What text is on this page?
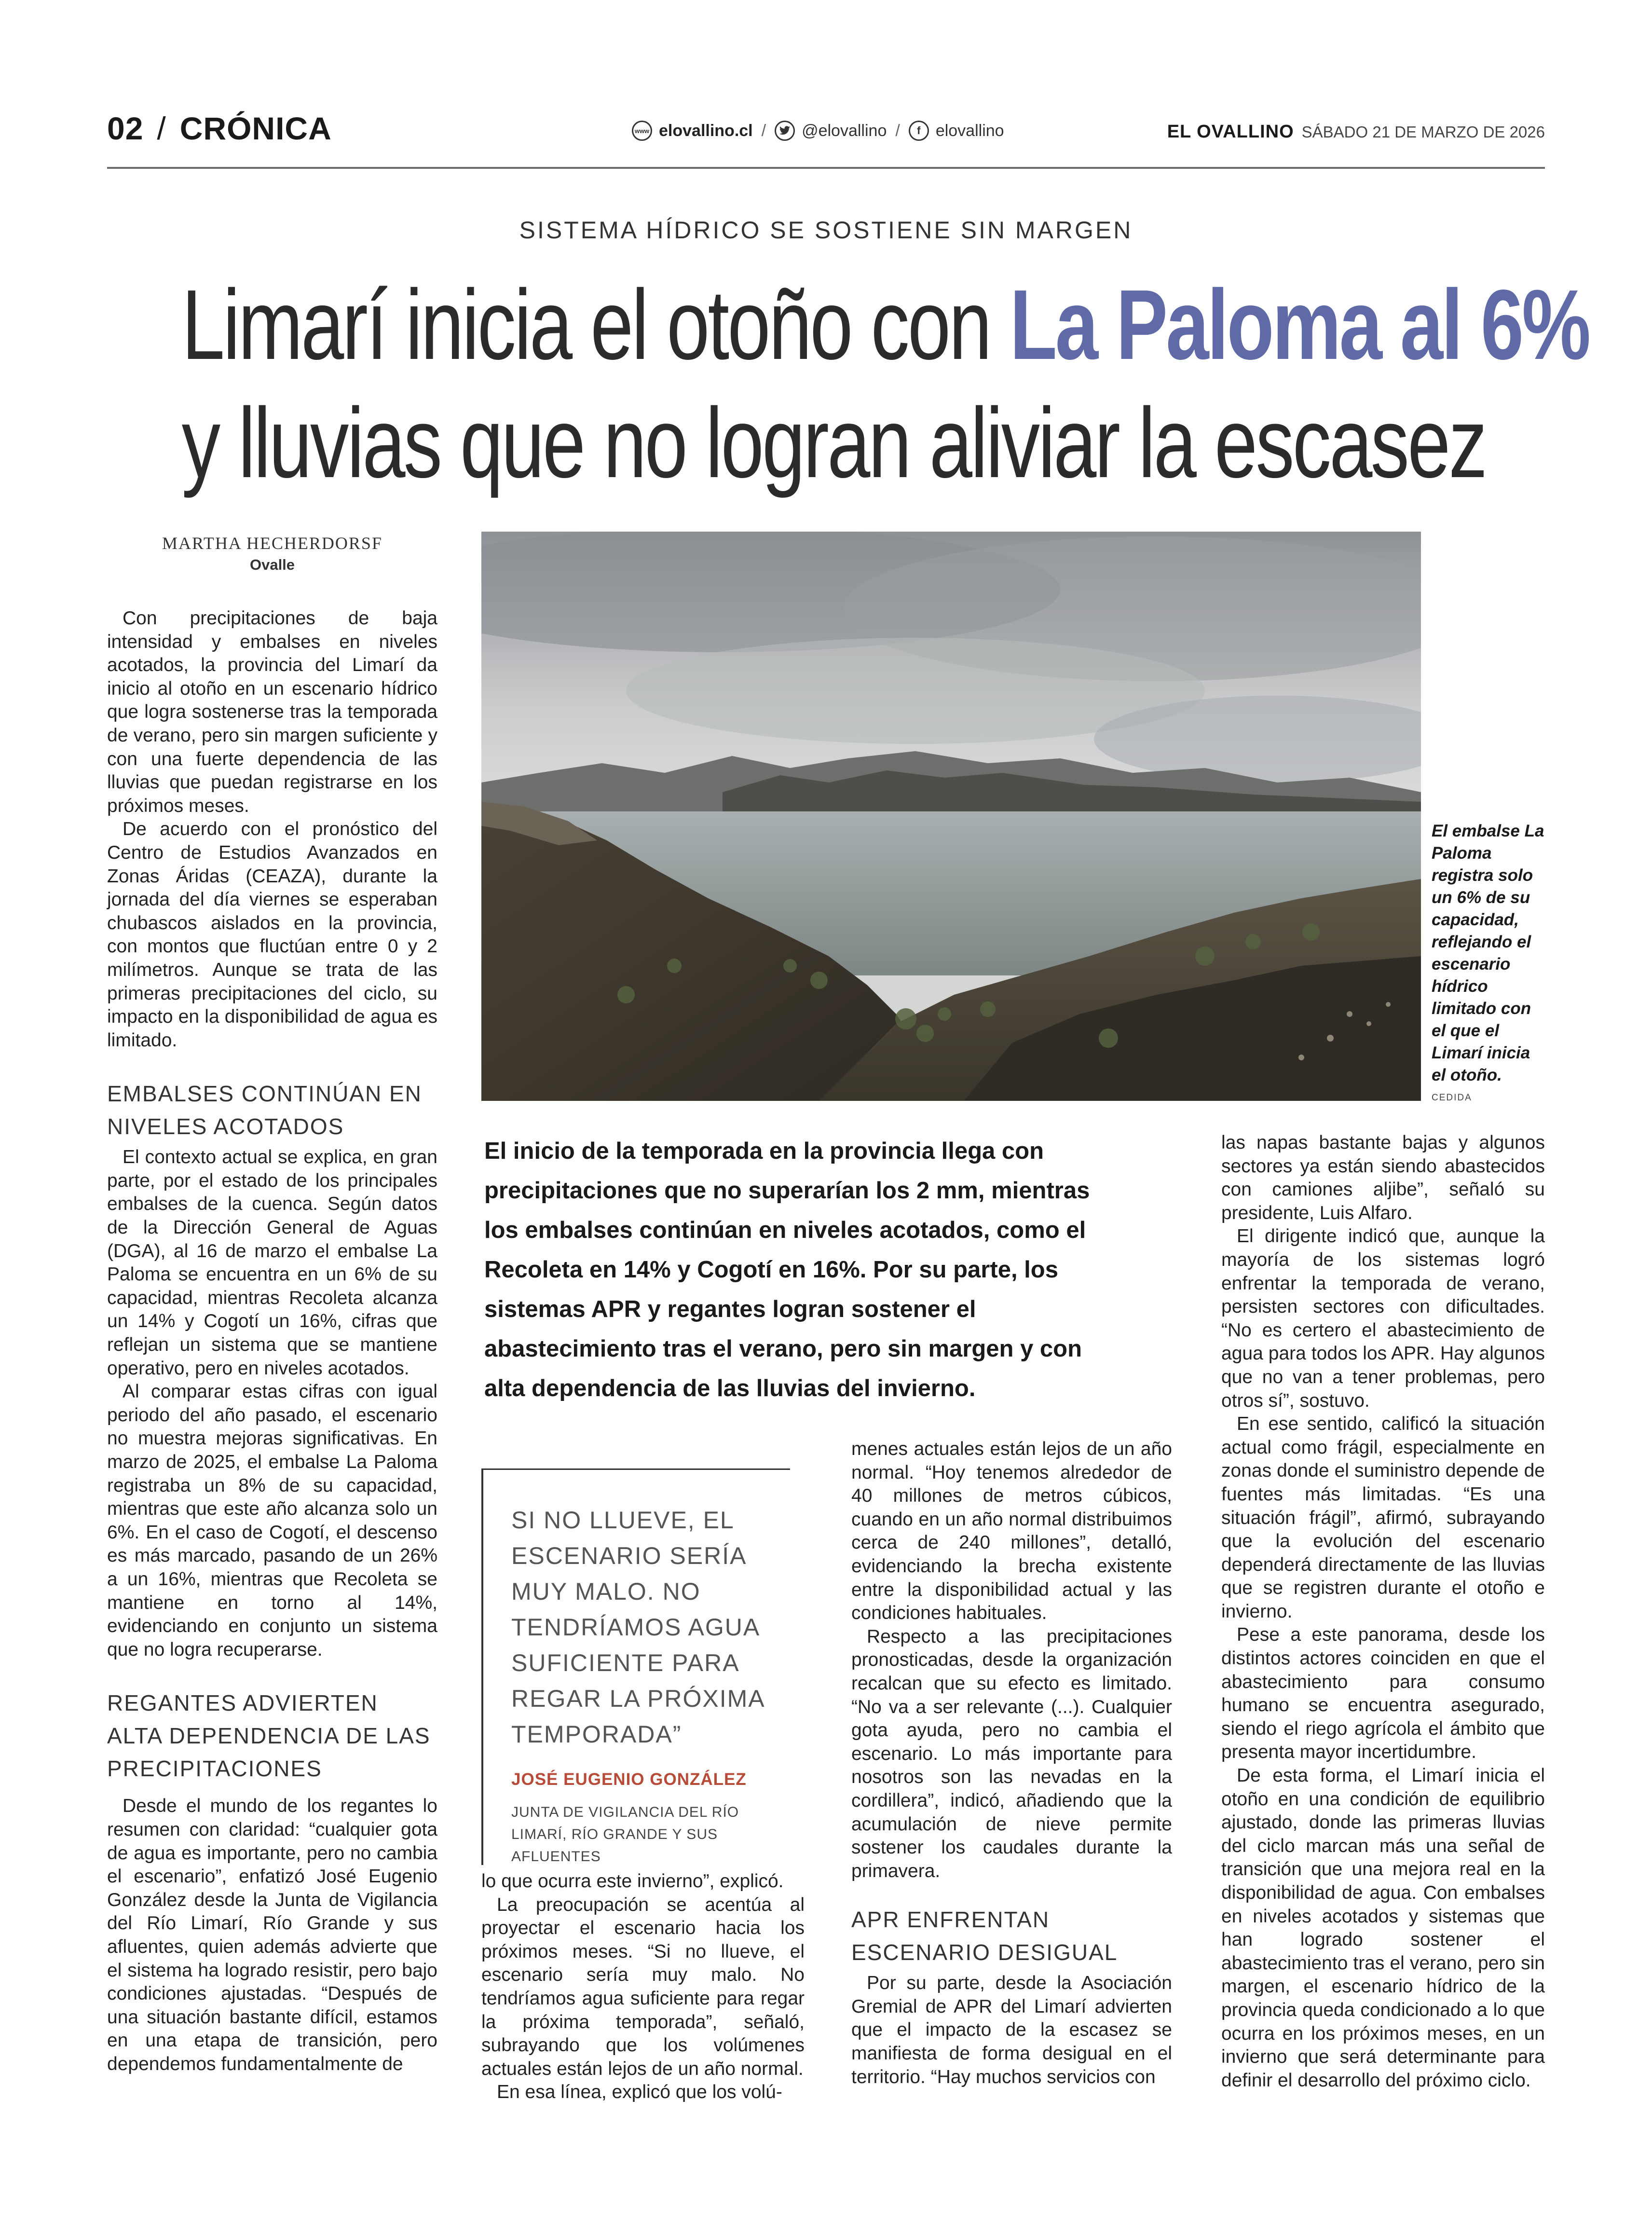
02 / CRÓNICA	www elovallino.cl / @elovallino /	f elovallino	EL OVALLINO SÁBADO 21 DE MARZO DE 2026
SISTEMA HÍDRICO SE SOSTIENE SIN MARGEN
Limarí inicia el otoño con La Paloma al 6%
y lluvias que no logran aliviar la escasez
MARTHA HECHERDORSF
Ovalle

Con precipitaciones de baja intensidad y embalses en niveles acotados, la provincia del Limarí da inicio al otoño en un escenario hídrico que logra sostenerse tras la temporada de verano, pero sin margen suficiente y con una fuerte dependencia de las lluvias que puedan registrarse en los próximos meses.

De acuerdo con el pronóstico del Centro de Estudios Avanzados en Zonas Áridas (CEAZA), durante la jornada del día viernes se esperaban chubascos aislados en la provincia, con montos que fluctúan entre 0 y 2 milímetros. Aunque se trata de las primeras precipitaciones del ciclo, su impacto en la disponibilidad de agua es limitado.

EMBALSES CONTINÚAN EN NIVELES ACOTADOS

El contexto actual se explica, en gran parte, por el estado de los principales embalses de la cuenca. Según datos de la Dirección General de Aguas (DGA), al 16 de marzo el embalse La Paloma se encuentra en un 6% de su capacidad, mientras Recoleta alcanza un 14% y Cogotí un 16%, cifras que reflejan un sistema que se mantiene operativo, pero en niveles acotados.

Al comparar estas cifras con igual periodo del año pasado, el escenario no muestra mejoras significativas. En marzo de 2025, el embalse La Paloma registraba un 8% de su capacidad, mientras que este año alcanza solo un 6%. En el caso de Cogotí, el descenso es más marcado, pasando de un 26% a un 16%, mientras que Recoleta se mantiene en torno al 14%, evidenciando en conjunto un sistema que no logra recuperarse.

REGANTES ADVIERTEN ALTA DEPENDENCIA DE LAS PRECIPITACIONES

Desde el mundo de los regantes lo resumen con claridad: “cualquier gota de agua es importante, pero no cambia el escenario”, enfatizó José Eugenio González desde la Junta de Vigilancia del Río Limarí, Río Grande y sus afluentes, quien además advierte que el sistema ha logrado resistir, pero bajo condiciones ajustadas. “Después de una situación bastante difícil, estamos en una etapa de transición, pero dependemos fundamentalmente de

El embalse La Paloma registra solo un 6% de su capacidad, reflejando el escenario hídrico limitado con el que el Limarí inicia el otoño.
CEDIDA
El inicio de la temporada en la provincia llega con precipitaciones que no superarían los 2 mm, mientras los embalses continúan en niveles acotados, como el Recoleta en 14% y Cogotí en 16%. Por su parte, los sistemas APR y regantes logran sostener el abastecimiento tras el verano, pero sin margen y con alta dependencia de las lluvias del invierno.
SI NO LLUEVE, EL ESCENARIO SERÍA MUY MALO. NO TENDRÍAMOS AGUA SUFICIENTE PARA REGAR LA PRÓXIMA TEMPORADA”
JOSÉ EUGENIO GONZÁLEZ
JUNTA DE VIGILANCIA DEL RÍO LIMARÍ, RÍO GRANDE Y SUS AFLUENTES

lo que ocurra este invierno”, explicó.

La preocupación se acentúa al proyectar el escenario hacia los próximos meses. “Si no llueve, el escenario sería muy malo. No tendríamos agua suficiente para regar la próxima temporada”, señaló, subrayando que los volúmenes actuales están lejos de un año normal.

En esa línea, explicó que los volú-

menes actuales están lejos de un año normal. “Hoy tenemos alrededor de 40 millones de metros cúbicos, cuando en un año normal distribuimos cerca de 240 millones”, detalló, evidenciando la brecha existente entre la disponibilidad actual y las condiciones habituales.

Respecto a las precipitaciones pronosticadas, desde la organización recalcan que su efecto es limitado. “No va a ser relevante (...). Cualquier gota ayuda, pero no cambia el escenario. Lo más importante para nosotros son las nevadas en la cordillera”, indicó, añadiendo que la acumulación de nieve permite sostener los caudales durante la primavera.

APR ENFRENTAN ESCENARIO DESIGUAL

Por su parte, desde la Asociación Gremial de APR del Limarí advierten que el impacto de la escasez se manifiesta de forma desigual en el territorio. “Hay muchos servicios con

las napas bastante bajas y algunos sectores ya están siendo abastecidos con camiones aljibe”, señaló su presidente, Luis Alfaro.

El dirigente indicó que, aunque la mayoría de los sistemas logró enfrentar la temporada de verano, persisten sectores con dificultades. “No es certero el abastecimiento de agua para todos los APR. Hay algunos que no van a tener problemas, pero otros sí”, sostuvo.

En ese sentido, calificó la situación actual como frágil, especialmente en zonas donde el suministro depende de fuentes más limitadas. “Es una situación frágil”, afirmó, subrayando que la evolución del escenario dependerá directamente de las lluvias que se registren durante el otoño e invierno.

Pese a este panorama, desde los distintos actores coinciden en que el abastecimiento para consumo humano se encuentra asegurado, siendo el riego agrícola el ámbito que presenta mayor incertidumbre.

De esta forma, el Limarí inicia el otoño en una condición de equilibrio ajustado, donde las primeras lluvias del ciclo marcan más una señal de transición que una mejora real en la disponibilidad de agua. Con embalses en niveles acotados y sistemas que han logrado sostener el abastecimiento tras el verano, pero sin margen, el escenario hídrico de la provincia queda condicionado a lo que ocurra en los próximos meses, en un invierno que será determinante para definir el desarrollo del próximo ciclo.
